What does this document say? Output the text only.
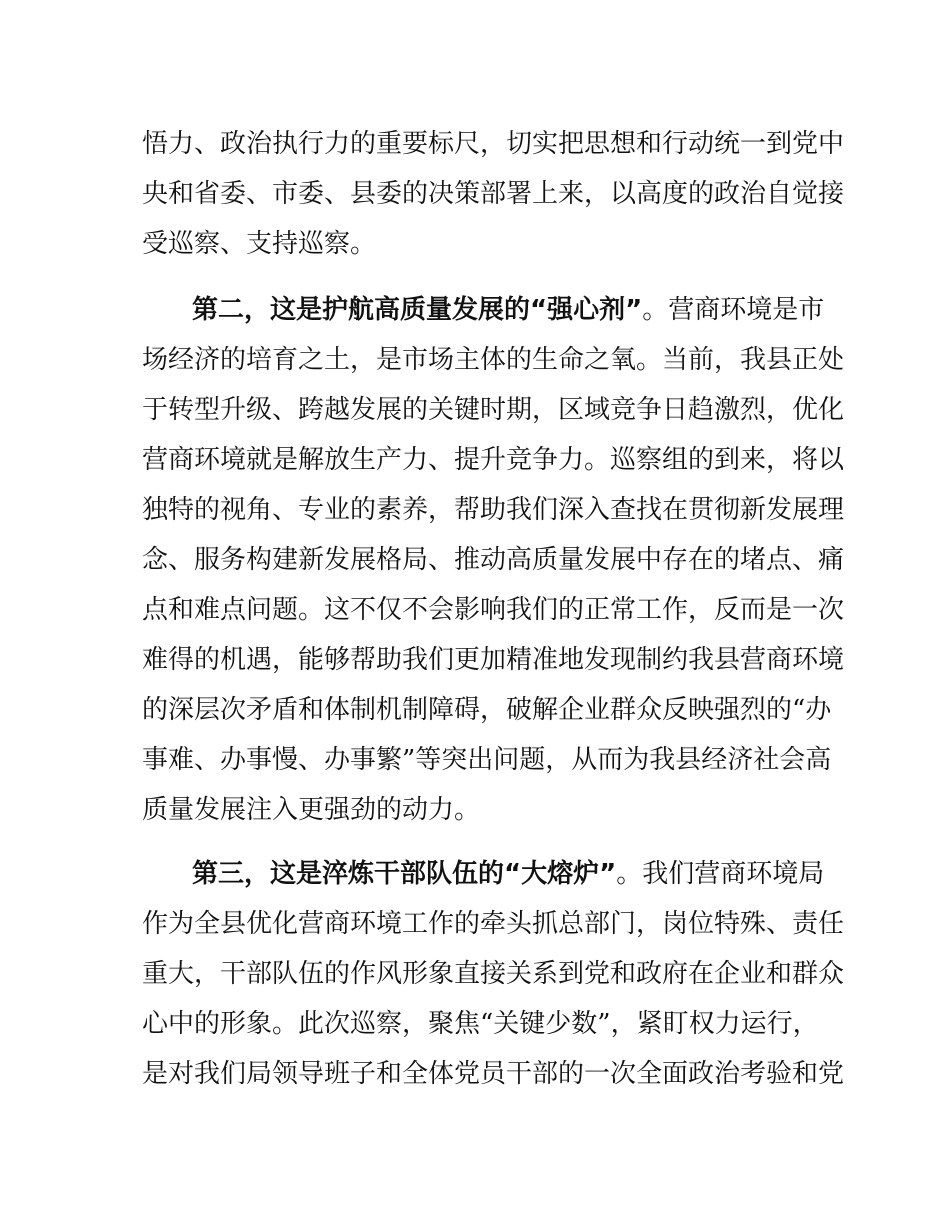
悟力、政治执行力的重要标尺，切实把思想和行动统一到党中
央和省委、市委、县委的决策部署上来，以高度的政治自觉接
受巡察、支持巡察。
第二，这是护航高质量发展的“强心剂”。营商环境是市
场经济的培育之土，是市场主体的生命之氧。当前，我县正处
于转型升级、跨越发展的关键时期，区域竞争日趋激烈，优化
营商环境就是解放生产力、提升竞争力。巡察组的到来，将以
独特的视角、专业的素养，帮助我们深入查找在贯彻新发展理
念、服务构建新发展格局、推动高质量发展中存在的堵点、痛
点和难点问题。这不仅不会影响我们的正常工作，反而是一次
难得的机遇，能够帮助我们更加精准地发现制约我县营商环境
的深层次矛盾和体制机制障碍，破解企业群众反映强烈的“办
事难、办事慢、办事繁”等突出问题，从而为我县经济社会高
质量发展注入更强劲的动力。
第三，这是淬炼干部队伍的“大熔炉”。我们营商环境局
作为全县优化营商环境工作的牵头抓总部门，岗位特殊、责任
重大，干部队伍的作风形象直接关系到党和政府在企业和群众
心中的形象。此次巡察，聚焦“关键少数”，紧盯权力运行，
是对我们局领导班子和全体党员干部的一次全面政治考验和党
